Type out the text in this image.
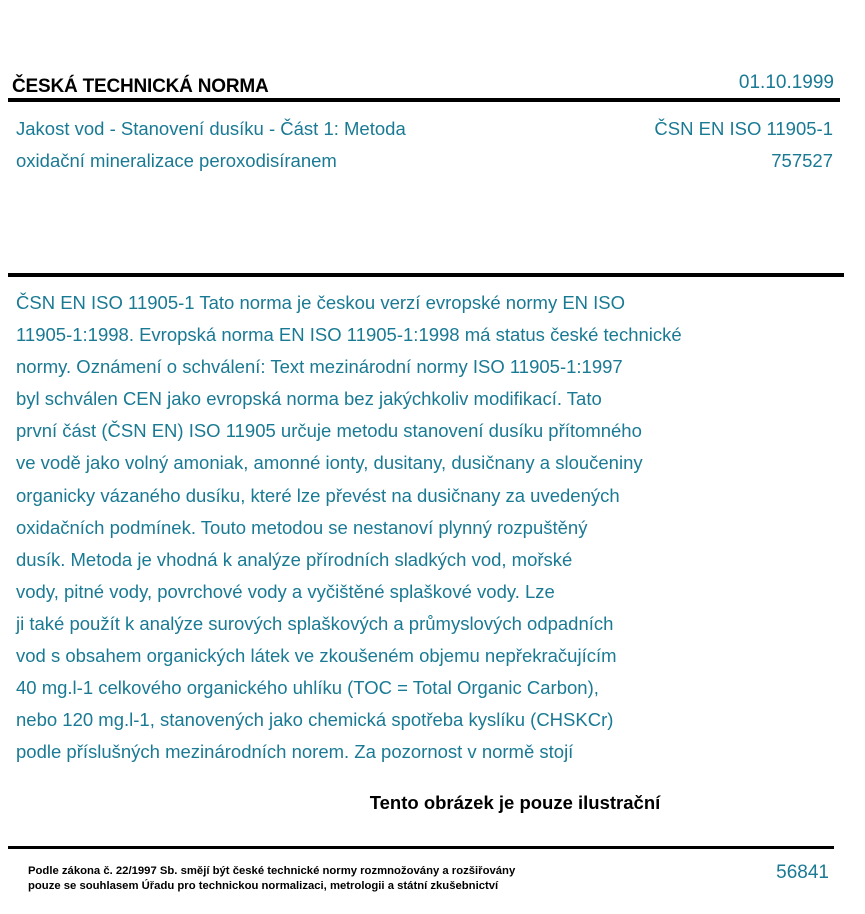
ČESKÁ TECHNICKÁ NORMA	01.10.1999
Jakost vod - Stanovení dusíku - Část 1: Metoda
oxidační mineralizace peroxodisíranem
ČSN EN ISO 11905-1
757527
ČSN EN ISO 11905-1 Tato norma je českou verzí evropské normy EN ISO
11905-1:1998. Evropská norma EN ISO 11905-1:1998 má status české technické
normy. Oznámení o schválení: Text mezinárodní normy ISO 11905-1:1997
byl schválen CEN jako evropská norma bez jakýchkoliv modifikací. Tato
první část (ČSN EN) ISO 11905 určuje metodu stanovení dusíku přítomného
ve vodě jako volný amoniak, amonné ionty, dusitany, dusičnany a sloučeniny
organicky vázaného dusíku, které lze převést na dusičnany za uvedených
oxidačních podmínek. Touto metodou se nestanoví plynný rozpuštěný
dusík. Metoda je vhodná k analýze přírodních sladkých vod, mořské
vody, pitné vody, povrchové vody a vyčištěné splaškové vody. Lze
ji také použít k analýze surových splaškových a průmyslových odpadních
vod s obsahem organických látek ve zkoušeném objemu nepřekračujícím
40 mg.l-1 celkového organického uhlíku (TOC = Total Organic Carbon),
nebo 120 mg.l-1, stanovených jako chemická spotřeba kyslíku (CHSKCr)
podle příslušných mezinárodních norem. Za pozornost v normě stojí
Tento obrázek je pouze ilustrační
Podle zákona č. 22/1997 Sb. smějí být české technické normy rozmnožovány a rozšiřovány
pouze se souhlasem Úřadu pro technickou normalizaci, metrologii a státní zkušebnictví
56841
